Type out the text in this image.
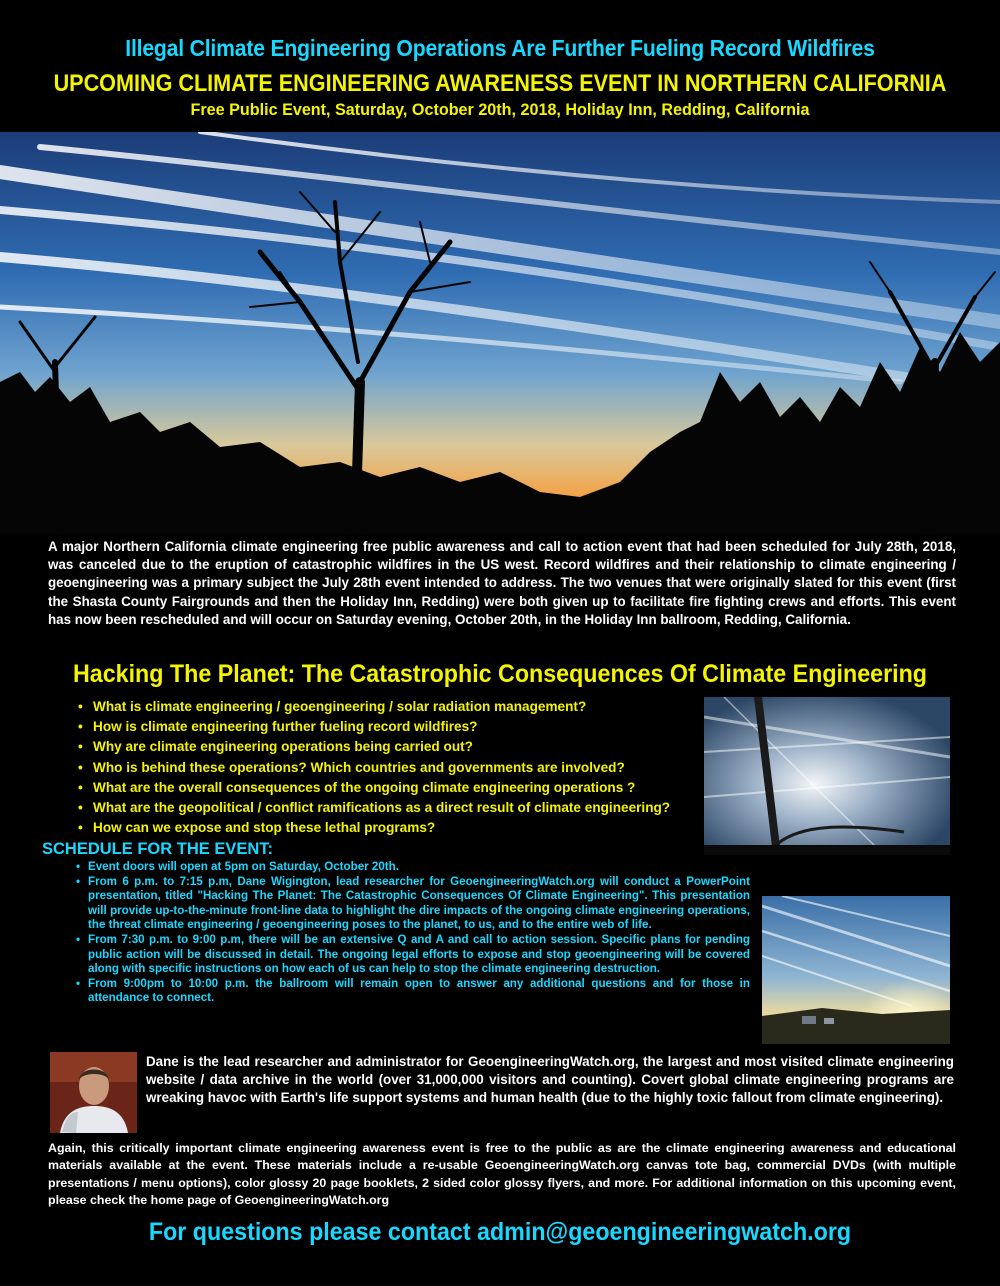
Illegal Climate Engineering Operations Are Further Fueling Record Wildfires
UPCOMING CLIMATE ENGINEERING AWARENESS EVENT IN NORTHERN CALIFORNIA
Free Public Event, Saturday, October 20th, 2018, Holiday Inn, Redding, California
A major Northern California climate engineering free public awareness and call to action event that had been scheduled for July 28th, 2018, was canceled due to the eruption of catastrophic wildfires in the US west. Record wildfires and their relationship to climate engineering / geoengineering was a primary subject the July 28th event intended to address. The two venues that were originally slated for this event (first the Shasta County Fairgrounds and then the Holiday Inn, Redding) were both given up to facilitate fire fighting crews and efforts. This event has now been rescheduled and will occur on Saturday evening, October 20th, in the Holiday Inn ballroom, Redding, California.
Hacking The Planet: The Catastrophic Consequences Of Climate Engineering
• What is climate engineering / geoengineering / solar radiation management?
• How is climate engineering further fueling record wildfires?
• Why are climate engineering operations being carried out?
• Who is behind these operations? Which countries and governments are involved?
• What are the overall consequences of the ongoing climate engineering operations ?
• What are the geopolitical / conflict ramifications as a direct result of climate engineering?
• How can we expose and stop these lethal programs?
SCHEDULE FOR THE EVENT:
• Event doors will open at 5pm on Saturday, October 20th.
• From 6 p.m. to 7:15 p.m, Dane Wigington, lead researcher for GeoengineeringWatch.org will conduct a PowerPoint presentation, titled "Hacking The Planet: The Catastrophic Consequences Of Climate Engineering". This presentation will provide up-to-the-minute front-line data to highlight the dire impacts of the ongoing climate engineering operations, the threat climate engineering / geoengineering poses to the planet, to us, and to the entire web of life.
• From 7:30 p.m. to 9:00 p.m, there will be an extensive Q and A and call to action session. Specific plans for pending public action will be discussed in detail. The ongoing legal efforts to expose and stop geoengineering will be covered along with specific instructions on how each of us can help to stop the climate engineering destruction.
• From 9:00pm to 10:00 p.m. the ballroom will remain open to answer any additional questions and for those in attendance to connect.
Dane is the lead researcher and administrator for GeoengineeringWatch.org, the largest and most visited climate engineering website / data archive in the world (over 31,000,000 visitors and counting). Covert global climate engineering programs are wreaking havoc with Earth's life support systems and human health (due to the highly toxic fallout from climate engineering).
Again, this critically important climate engineering awareness event is free to the public as are the climate engineering awareness and educational materials available at the event. These materials include a re-usable GeoengineeringWatch.org canvas tote bag, commercial DVDs (with multiple presentations / menu options), color glossy 20 page booklets, 2 sided color glossy flyers, and more. For additional information on this upcoming event, please check the home page of GeoengineeringWatch.org
For questions please contact admin@geoengineeringwatch.org
